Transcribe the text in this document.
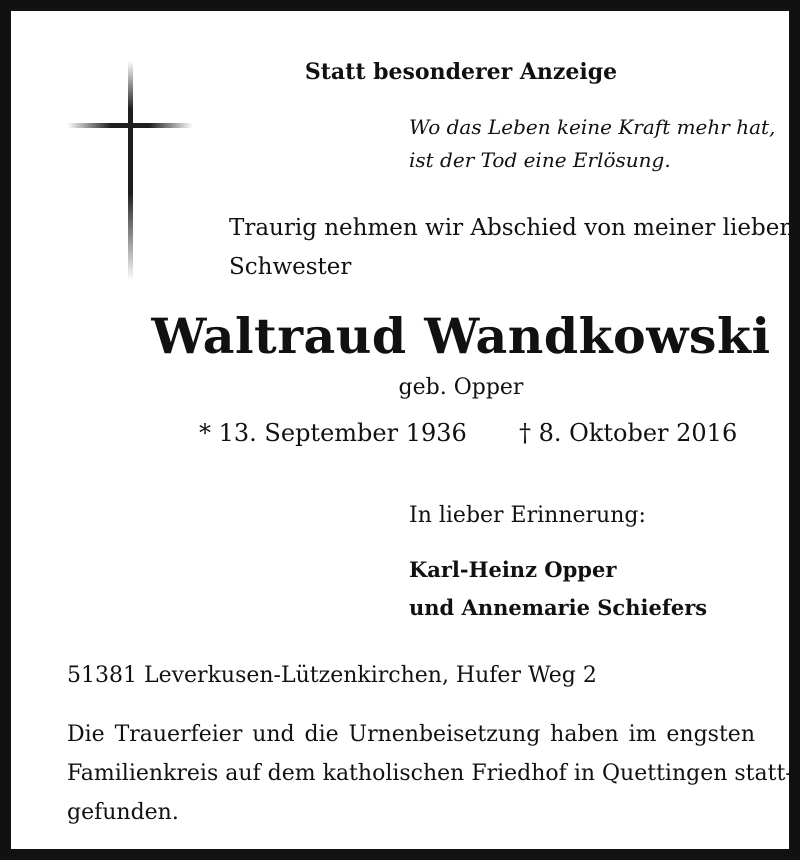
Statt besonderer Anzeige
Wo das Leben keine Kraft mehr hat,
ist der Tod eine Erlösung.
Traurig nehmen wir Abschied von meiner lieben
Schwester
Waltraud Wandkowski
geb. Opper
* 13. September 1936 † 8. Oktober 2016
In lieber Erinnerung:
Karl-Heinz Opper
und Annemarie Schiefers
51381 Leverkusen-Lützenkirchen, Hufer Weg 2
Die Trauerfeier und die Urnenbeisetzung haben im engsten
Familienkreis auf dem katholischen Friedhof in Quettingen statt-
gefunden.
